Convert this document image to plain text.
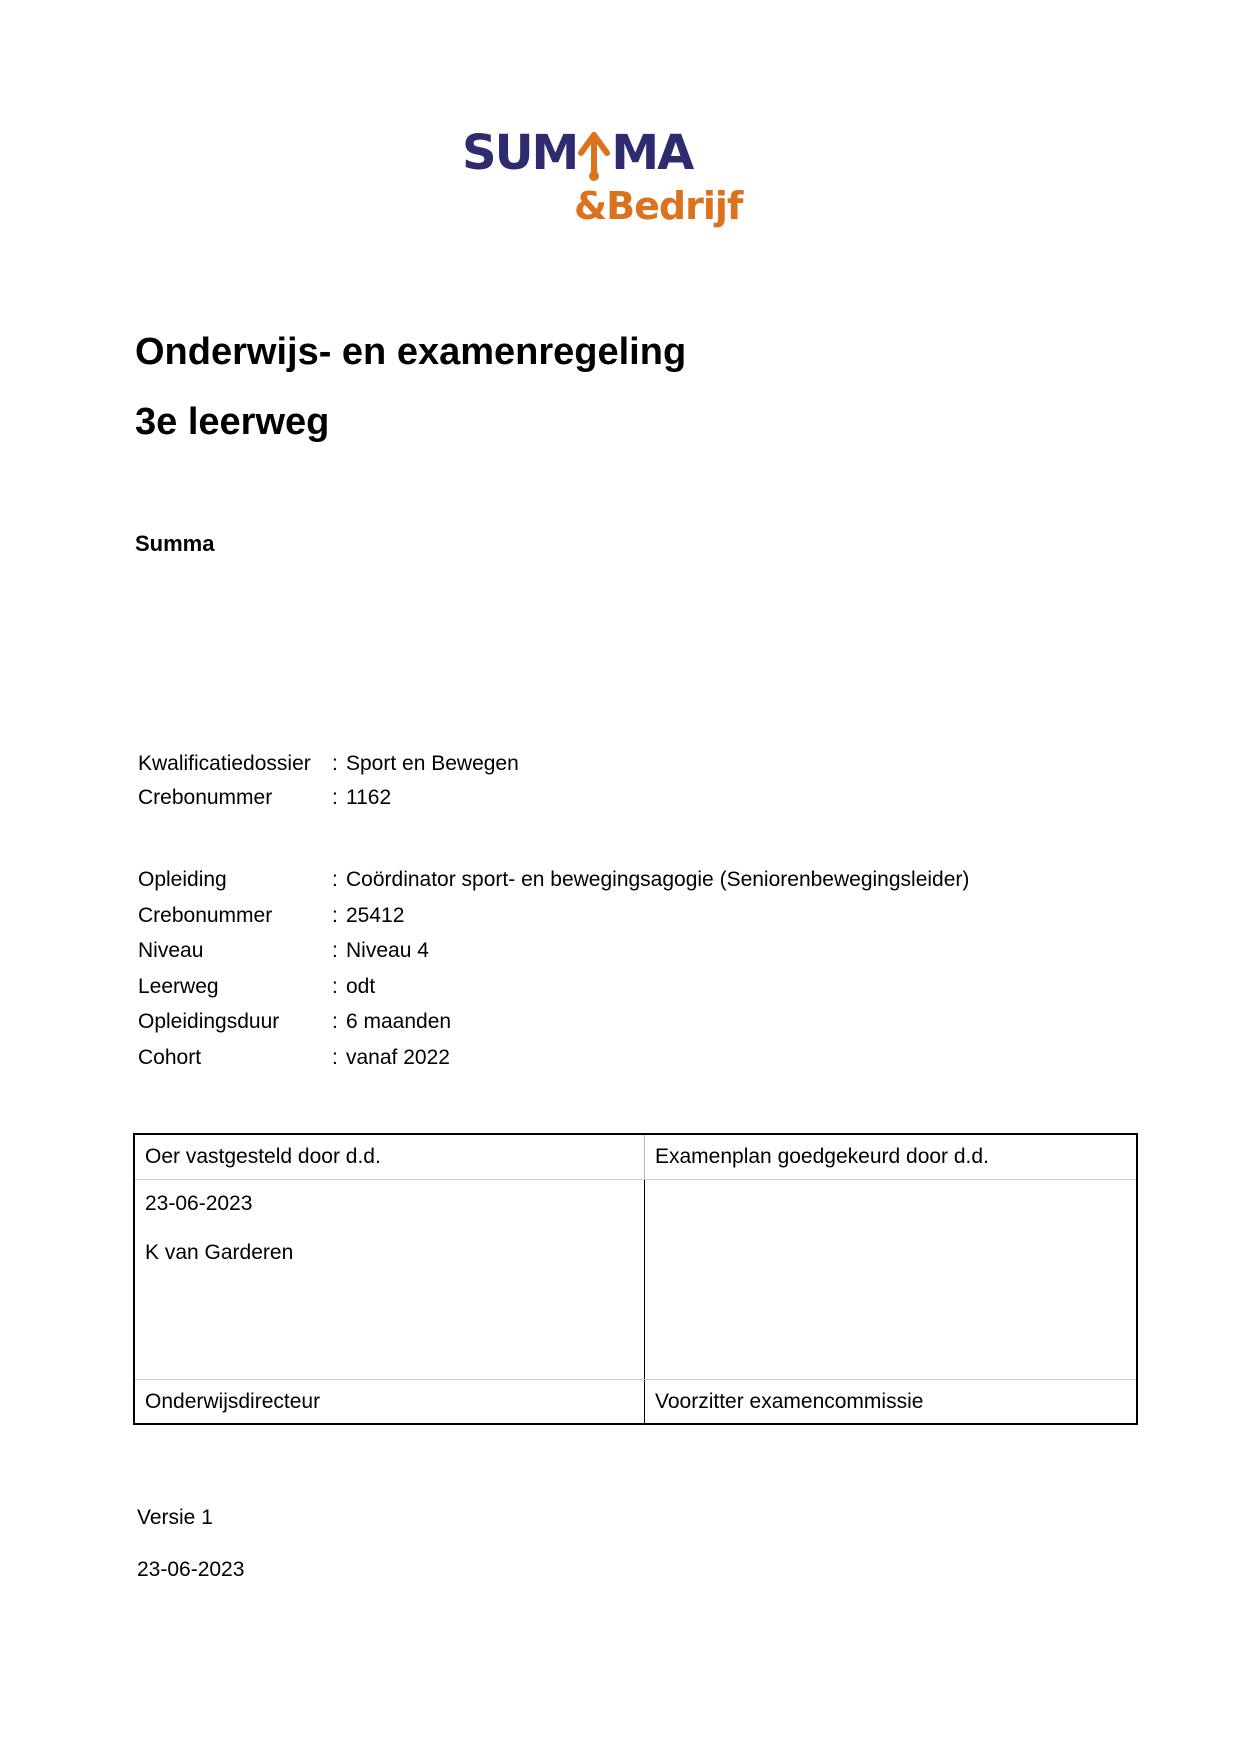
SUM MA
&Bedrijf
Onderwijs- en examenregeling
3e leerweg
Summa
Kwalificatiedossier	: Sport en Bewegen
Crebonummer	: 1162
Opleiding	: Coördinator sport- en bewegingsagogie (Seniorenbewegingsleider)
Crebonummer	: 25412
Niveau	: Niveau 4
Leerweg	: odt
Opleidingsduur	: 6 maanden
Cohort	: vanaf 2022
Oer vastgesteld door d.d.	Examenplan goedgekeurd door d.d.

23-06-2023

K van Garderen

Onderwijsdirecteur	Voorzitter examencommissie
Versie 1
23-06-2023
